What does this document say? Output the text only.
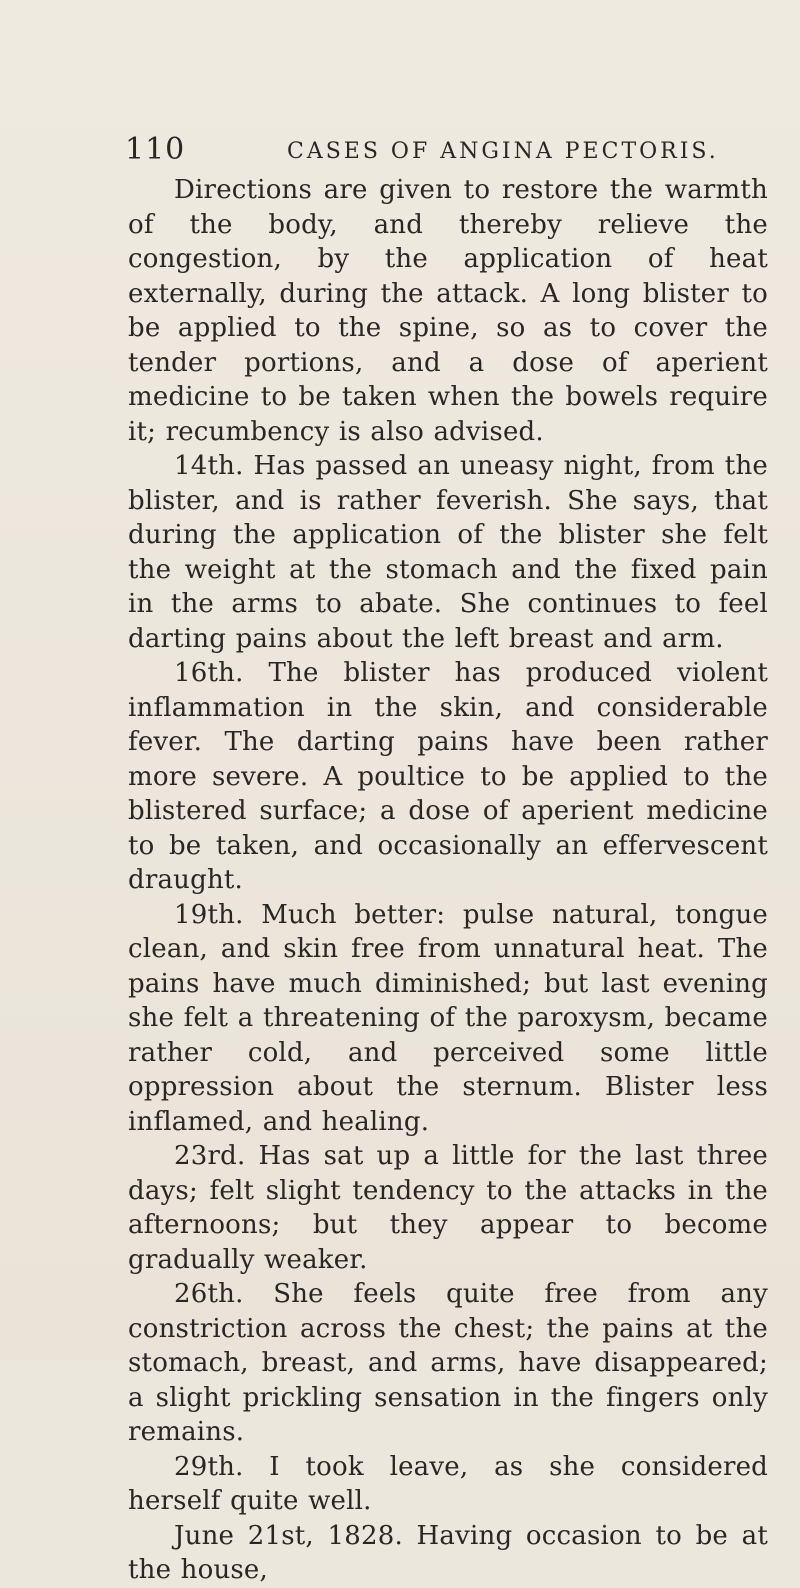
110	CASES OF ANGINA PECTORIS.

Directions are given to restore the warmth of the body, and thereby relieve the congestion, by the application of heat externally, during the attack. A long blister to be applied to the spine, so as to cover the tender portions, and a dose of aperient medicine to be taken when the bowels require it; recumbency is also advised.

14th. Has passed an uneasy night, from the blister, and is rather feverish. She says, that during the application of the blister she felt the weight at the stomach and the fixed pain in the arms to abate. She continues to feel darting pains about the left breast and arm.

16th. The blister has produced violent inflammation in the skin, and considerable fever. The darting pains have been rather more severe. A poultice to be applied to the blistered surface; a dose of aperient medicine to be taken, and occasionally an effervescent draught.

19th. Much better: pulse natural, tongue clean, and skin free from unnatural heat. The pains have much diminished; but last evening she felt a threatening of the paroxysm, became rather cold, and perceived some little oppression about the sternum. Blister less inflamed, and healing.

23rd. Has sat up a little for the last three days; felt slight tendency to the attacks in the afternoons; but they appear to become gradually weaker.

26th. She feels quite free from any constriction across the chest; the pains at the stomach, breast, and arms, have disappeared; a slight prickling sensation in the fingers only remains.

29th. I took leave, as she considered herself quite well.

June 21st, 1828. Having occasion to be at the house,
